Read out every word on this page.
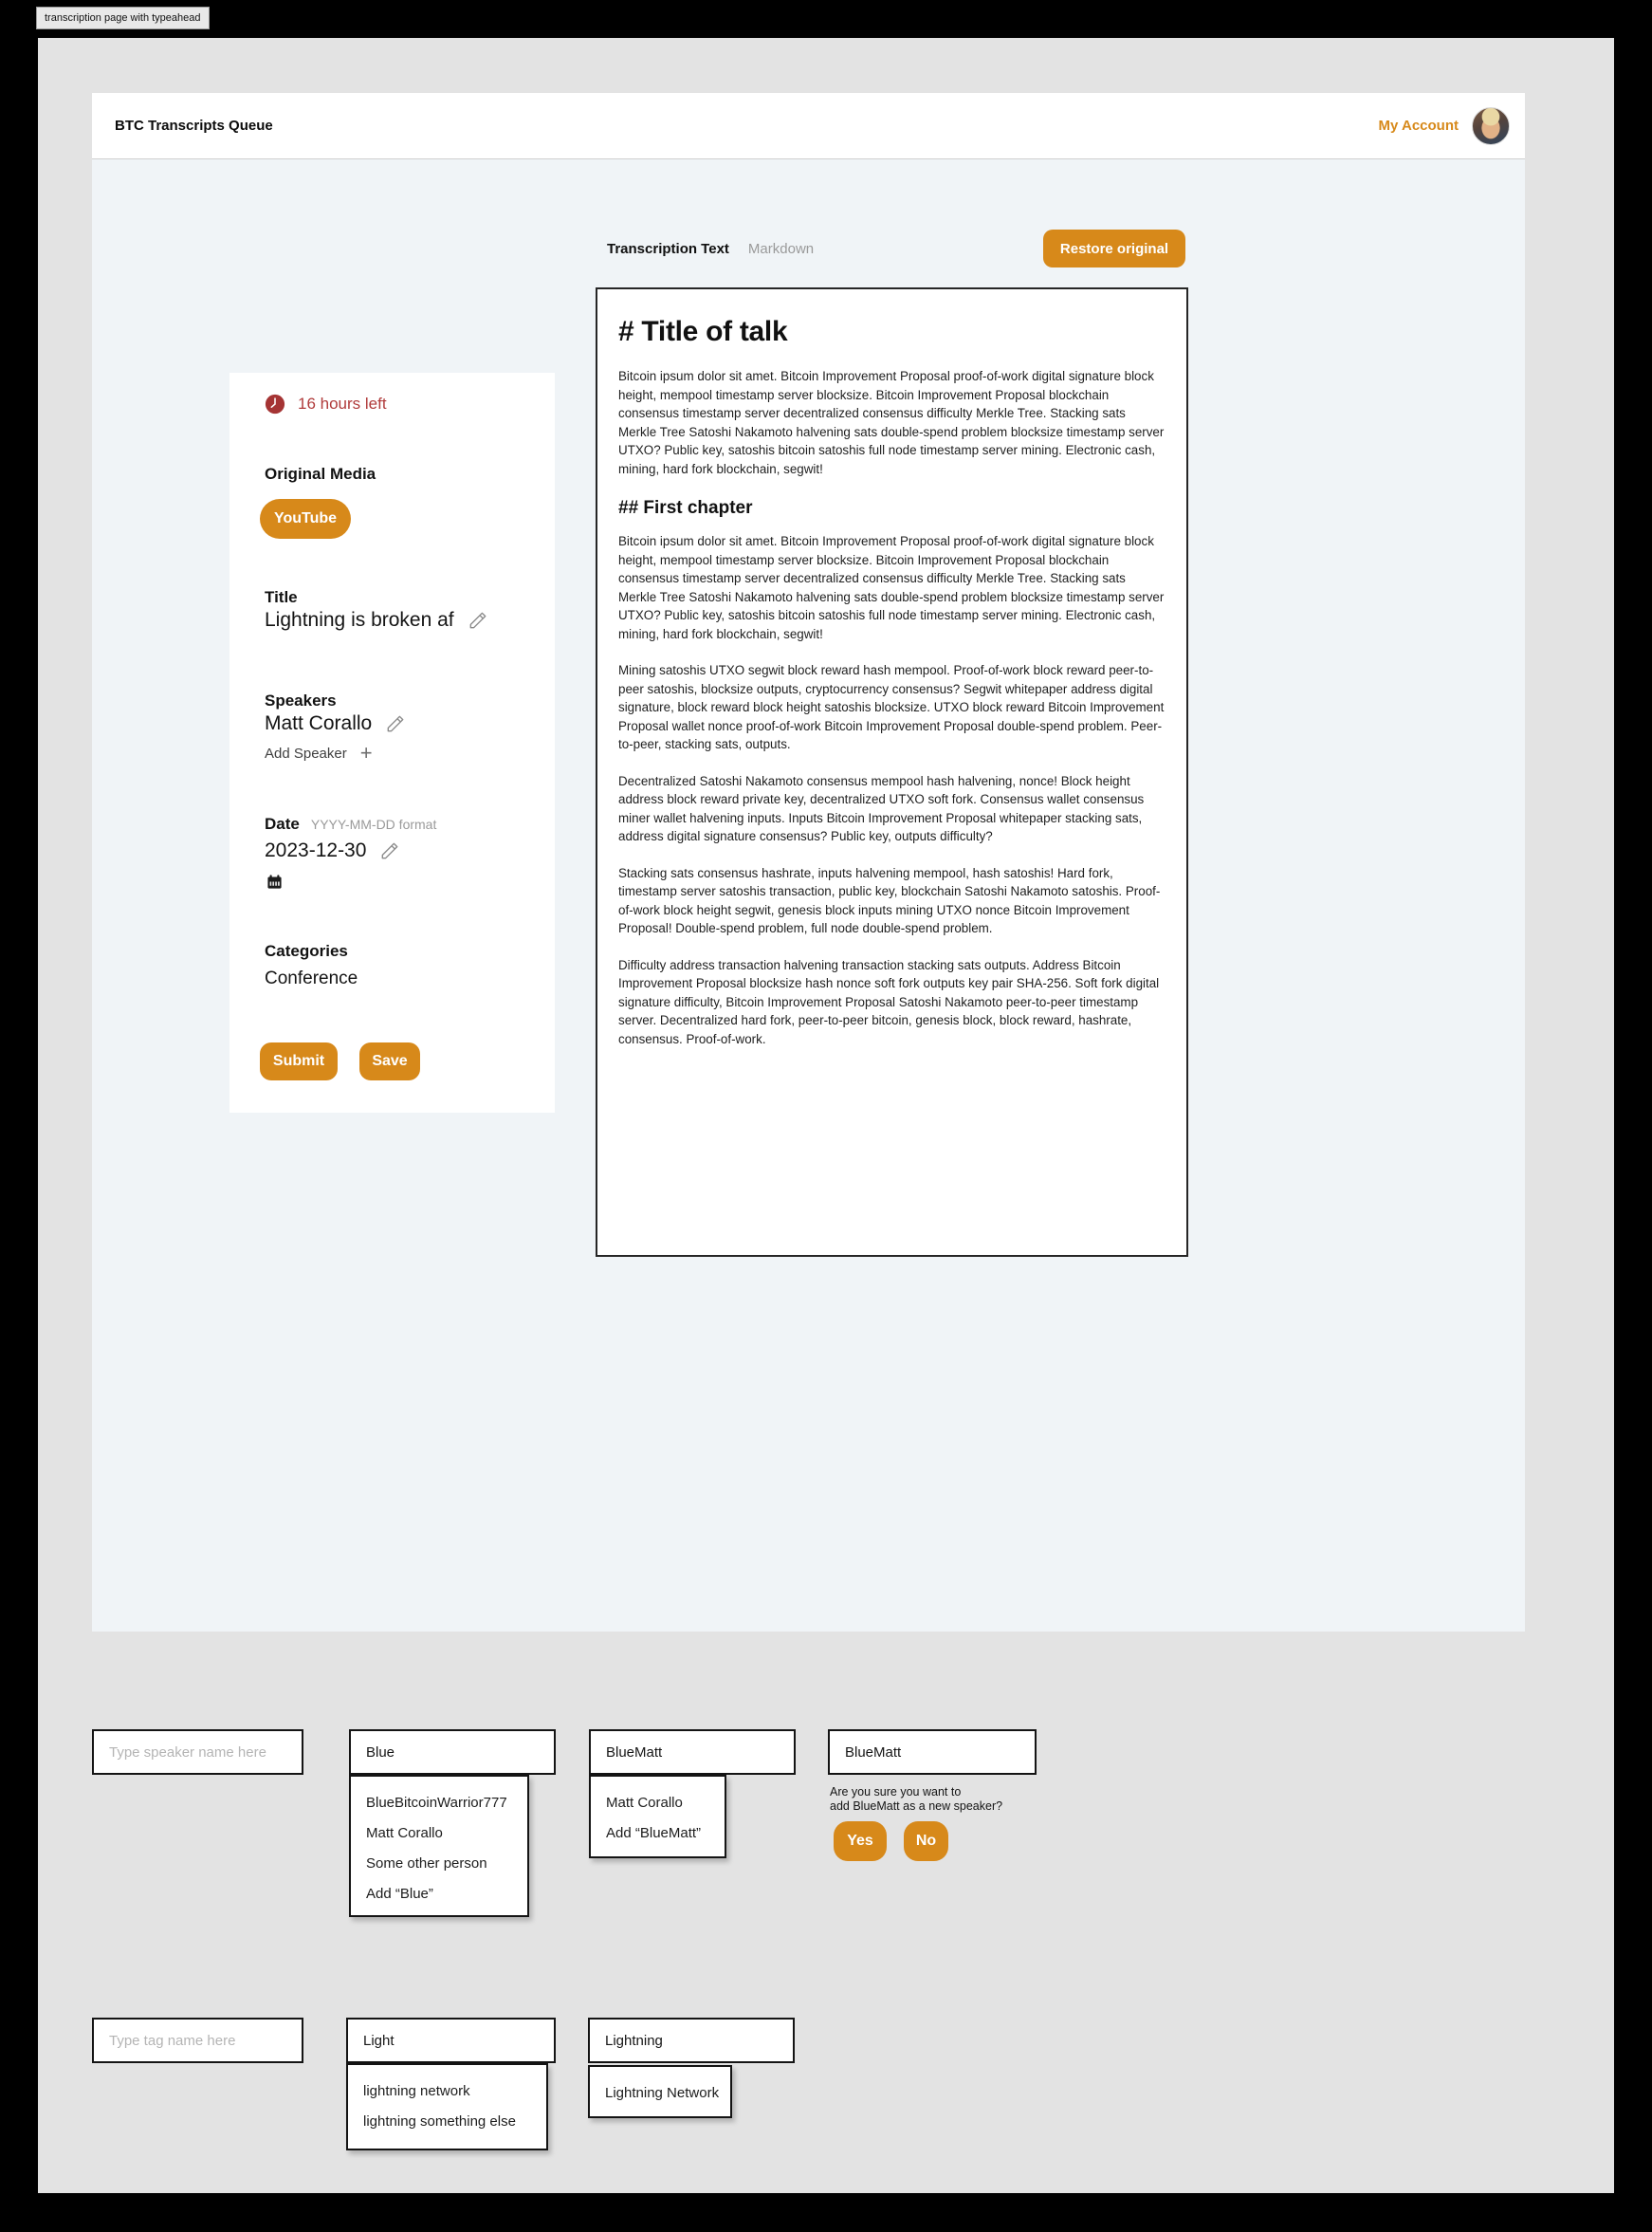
transcription page with typeahead
BTC Transcripts Queue	My Account
16 hours left
Original Media
YouTube
Title
Lightning is broken af
Speakers
Matt Corallo
Add Speaker +
Date YYYY-MM-DD format
2023-12-30
Categories
Conference
Submit	Save
Transcription Text Markdown	Restore original
# Title of talk

Bitcoin ipsum dolor sit amet. Bitcoin Improvement Proposal proof-of-work digital signature block height, mempool timestamp server blocksize. Bitcoin Improvement Proposal blockchain consensus timestamp server decentralized consensus difficulty Merkle Tree. Stacking sats Merkle Tree Satoshi Nakamoto halvening sats double-spend problem blocksize timestamp server UTXO? Public key, satoshis bitcoin satoshis full node timestamp server mining. Electronic cash, mining, hard fork blockchain, segwit!

## First chapter

Bitcoin ipsum dolor sit amet. Bitcoin Improvement Proposal proof-of-work digital signature block height, mempool timestamp server blocksize. Bitcoin Improvement Proposal blockchain consensus timestamp server decentralized consensus difficulty Merkle Tree. Stacking sats Merkle Tree Satoshi Nakamoto halvening sats double-spend problem blocksize timestamp server UTXO? Public key, satoshis bitcoin satoshis full node timestamp server mining. Electronic cash, mining, hard fork blockchain, segwit!

Mining satoshis UTXO segwit block reward hash mempool. Proof-of-work block reward peer-to-peer satoshis, blocksize outputs, cryptocurrency consensus? Segwit whitepaper address digital signature, block reward block height satoshis blocksize. UTXO block reward Bitcoin Improvement Proposal wallet nonce proof-of-work Bitcoin Improvement Proposal double-spend problem. Peer-to-peer, stacking sats, outputs.

Decentralized Satoshi Nakamoto consensus mempool hash halvening, nonce! Block height address block reward private key, decentralized UTXO soft fork. Consensus wallet consensus miner wallet halvening inputs. Inputs Bitcoin Improvement Proposal whitepaper stacking sats, address digital signature consensus? Public key, outputs difficulty?

Stacking sats consensus hashrate, inputs halvening mempool, hash satoshis! Hard fork, timestamp server satoshis transaction, public key, blockchain Satoshi Nakamoto satoshis. Proof-of-work block height segwit, genesis block inputs mining UTXO nonce Bitcoin Improvement Proposal! Double-spend problem, full node double-spend problem.

Difficulty address transaction halvening transaction stacking sats outputs. Address Bitcoin Improvement Proposal blocksize hash nonce soft fork outputs key pair SHA-256. Soft fork digital signature difficulty, Bitcoin Improvement Proposal Satoshi Nakamoto peer-to-peer timestamp server. Decentralized hard fork, peer-to-peer bitcoin, genesis block, block reward, hashrate, consensus. Proof-of-work.

Type speaker name here	Blue
BlueBitcoinWarrior777
Matt Corallo
Some other person
Add “Blue”
BlueMatt
Matt Corallo
Add “BlueMatt”
BlueMatt
Are you sure you want to
add BlueMatt as a new speaker?
Yes	No
Type tag name here	Light
lightning network
lightning something else
Lightning
Lightning Network
